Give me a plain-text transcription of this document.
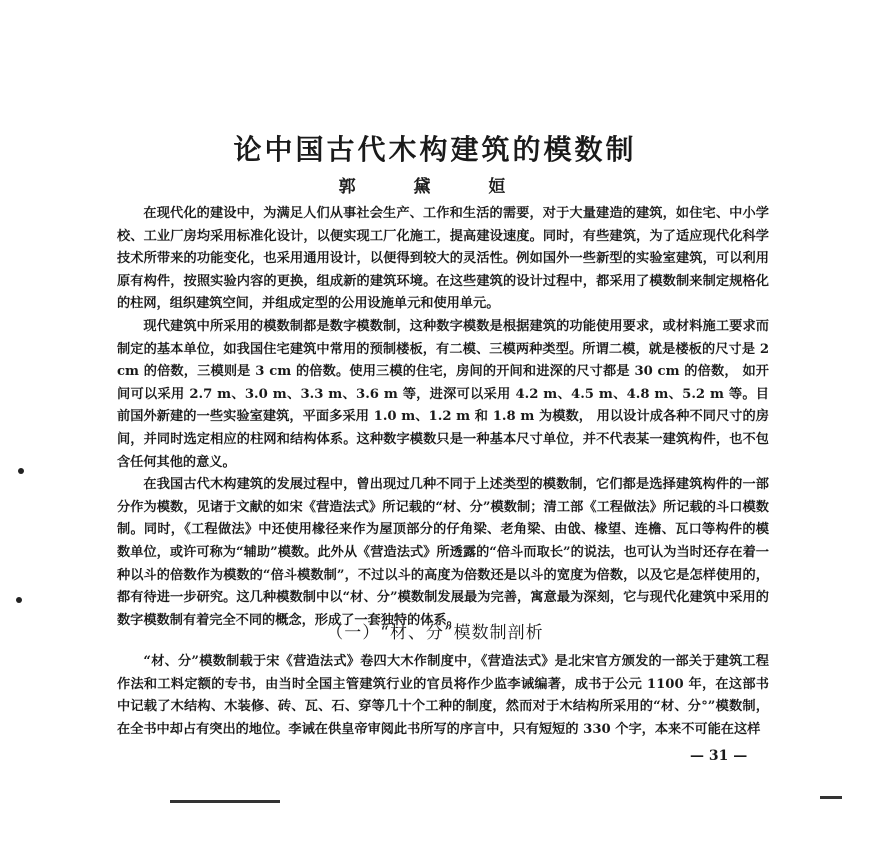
论中国古代木构建筑的模数制
郭 黛 姮

在现代化的建设中，为满足人们从事社会生产、工作和生活的需要，对于大量建造的建筑，如住宅、中小学校、工业厂房均采用标准化设计，以便实现工厂化施工，提高建设速度。同时，有些建筑，为了适应现代化科学技术所带来的功能变化，也采用通用设计，以便得到较大的灵活性。例如国外一些新型的实验室建筑，可以利用原有构件，按照实验内容的更换，组成新的建筑环境。在这些建筑的设计过程中，都采用了模数制来制定规格化的柱网，组织建筑空间，并组成定型的公用设施单元和使用单元。

现代建筑中所采用的模数制都是数字模数制，这种数字模数是根据建筑的功能使用要求，或材料施工要求而制定的基本单位，如我国住宅建筑中常用的预制楼板，有二模、三模两种类型。所谓二模，就是楼板的尺寸是 2 cm 的倍数，三模则是 3 cm 的倍数。使用三模的住宅，房间的开间和进深的尺寸都是 30 cm 的倍数， 如开间可以采用 2.7 m、3.0 m、3.3 m、3.6 m 等，进深可以采用 4.2 m、4.5 m、4.8 m、5.2 m 等。目前国外新建的一些实验室建筑，平面多采用 1.0 m、1.2 m 和 1.8 m 为模数， 用以设计成各种不同尺寸的房间，并同时选定相应的柱网和结构体系。这种数字模数只是一种基本尺寸单位，并不代表某一建筑构件，也不包含任何其他的意义。

在我国古代木构建筑的发展过程中，曾出现过几种不同于上述类型的模数制，它们都是选择建筑构件的一部分作为模数，见诸于文献的如宋《营造法式》所记载的“材、分”模数制；清工部《工程做法》所记载的斗口模数制。同时，《工程做法》中还使用椽径来作为屋顶部分的仔角梁、老角梁、由戗、椽望、连檐、瓦口等构件的模数单位，或许可称为“辅助”模数。此外从《营造法式》所透露的“倍斗而取长”的说法，也可认为当时还存在着一种以斗的倍数作为模数的“倍斗模数制”，不过以斗的高度为倍数还是以斗的宽度为倍数，以及它是怎样使用的，都有待进一步研究。这几种模数制中以“材、分”模数制发展最为完善，寓意最为深刻，它与现代化建筑中采用的数字模数制有着完全不同的概念，形成了一套独特的体系。

（一）“材、分”模数制剖析

“材、分”模数制载于宋《营造法式》卷四大木作制度中，《营造法式》是北宋官方颁发的一部关于建筑工程作法和工料定额的专书，由当时全国主管建筑行业的官员将作少监李诫编著，成书于公元 1100 年，在这部书中记载了木结构、木装修、砖、瓦、石、穿等几十个工种的制度，然而对于木结构所采用的“材、分°”模数制，在全书中却占有突出的地位。李诫在供皇帝审阅此书所写的序言中，只有短短的 330 个字，本来不可能在这样

— 31 —
